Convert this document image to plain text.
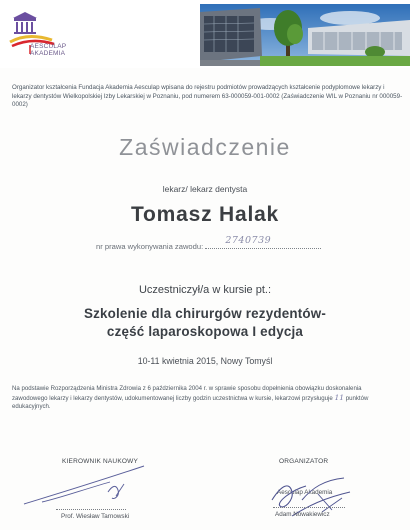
AESCULAP
AKADEMIA
Organizator kształcenia Fundacja Akademia Aesculap wpisana do rejestru podmiotów prowadzących kształcenie podyplomowe lekarzy i lekarzy dentystów Wielkopolskiej Izby Lekarskiej w Poznaniu, pod numerem 63-000059-001-0002 (Zaświadczenie WIL w Poznaniu nr 000059-0002)
Zaświadczenie
lekarz/ lekarz dentysta
Tomasz Halak
nr prawa wykonywania zawodu:
2740739
Uczestniczył/a w kursie pt.:
Szkolenie dla chirurgów rezydentów-
część laparoskopowa I edycja
10-11 kwietnia 2015, Nowy Tomyśl
Na podstawie Rozporządzenia Ministra Zdrowia z 6 października 2004 r. w sprawie sposobu dopełnienia obowiązku doskonalenia zawodowego lekarzy i lekarzy dentystów, udokumentowanej liczby godzin uczestnictwa w kursie, lekarzowi przysługuje 11 punktów edukacyjnych.
KIEROWNIK NAUKOWY
Prof. Wiesław Tarnowski
ORGANIZATOR
Aesculap Akademia
Adam Nowakiewicz
